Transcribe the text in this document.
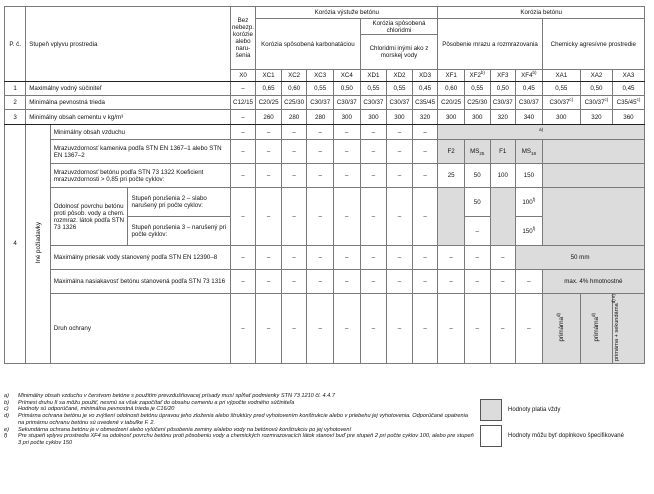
P. č.	Stupeň vplyvu prostredia			Bez nebezp. korózie alebo naru-šenia	Korózia výstuže betónu							Korózia betónu						
					Korózia spôsobená karbonatáciou				Korózia spôsobená chloridmi			Pôsobenie mrazu a rozmrazovania				Chemicky agresívne prostredie		
									Chloridmi inými ako z morskej vody									
				X0	XC1	XC2	XC3	XC4	XD1	XD2	XD3	XF1	XF2$^{b)}$	XF3	XF4$^{b)}$	XA1	XA2	XA3
1	Maximálny vodný súčiniteľ			–	0,65	0,60	0,55	0,50	0,55	0,55	0,45	0,60	0,55	0,50	0,45	0,55	0,50	0,45
2	Minimálna pevnostná trieda			C12/15	C20/25	C25/30	C30/37	C30/37	C30/37	C30/37	C35/45	C20/25	C25/30	C30/37	C30/37	C30/37$^{c)}$	C30/37$^{c)}$	C35/45$^{c)}$
3	Minimálny obsah cementu v kg/m³			–	260	280	280	300	300	300	320	300	300	320	340	300	320	360
4	Iné požiadavky	Minimálny obsah vzduchu		–	–	–	–	–	–	–	–	$^{a)}$
		Mrazuvzdornosť kameniva podľa STN EN 1367–1 alebo STN EN 1367–2		–	–	–	–	–	–	–	–	F2	$MS_{25}$	F1	$MS_{18}$	
		Mrazuvzdornosť betónu podľa STN 73 1322 Koeficient mrazuvzdornosti > 0,85 pri počte cyklov:		–	–	–	–	–	–	–	–	25	50	100	150			
		Odolnosť povrchu betónu proti pôsob. vody a chem. rozmraz. látok podľa STN 73 1326	Stupeň porušenia 2 – slabo narušený pri počte cyklov:	–	–	–	–	–	–	–	–		50		100$^{f)}$	
			Stupeň porušenia 3 – narušený pri počte cyklov:										–		150$^{f)}$
		Maximálny priesak vody stanovený podľa STN EN 12390–8		–	–	–	–	–	–	–	–	–	–	–	50 mm			
		Maximálna nasiakavosť betónu stanovená podľa STN 73 1316		–	–	–	–	–	–	–	–	–	–	–	–	max. 4% hmotnostné		
		Druh ochrany		–	–	–	–	–	–	–	–	–	–	–	–	primárna$^{d)}$	primárna$^{d)}$	primárna + sekundárna$^{d) e)}$
a)	Minimálny obsah vzduchu v čerstvom betóne s použitím prevzdušňovacej prísady musí spĺňať podmienky STN 73 1210 čl. 4.4.7
b)	Prímesi druhu II sa môžu použiť, nesmú sa však započítať do obsahu cementu a pri výpočte vodného súčiniteľa
c)	Hodnoty sú odporúčané, minimálna pevnostná trieda je C16/20
d)	Primárna ochrana betónu je vo zvýšení odolnosti betónu úpravou jeho zloženia alebo štruktúry pred vyhotovením konštrukcie alebo v priebehu jej vyhotovenia. Odporúčané opatrenia na primárnu ochranu betónu sú uvedené v tabuľke F. 2.
e)	Sekundárna ochrana betónu je v obmedzení alebo vylúčení pôsobenia zeminy a/alebo vody na betónovú konštrukciu po jej vyhotovení
f)	Pre stupeň vplyvu prostredia XF4 sa odolnosť povrchu betónu proti pôsobeniu vody a chemických rozmrazovacích látok stanoví buď pre stupeň 2 pri počte cyklov 100, alebo pre stupeň 3 pri počte cyklov 150
Hodnoty platia vždy
Hodnoty môžu byť doplnkovo špecifikované
